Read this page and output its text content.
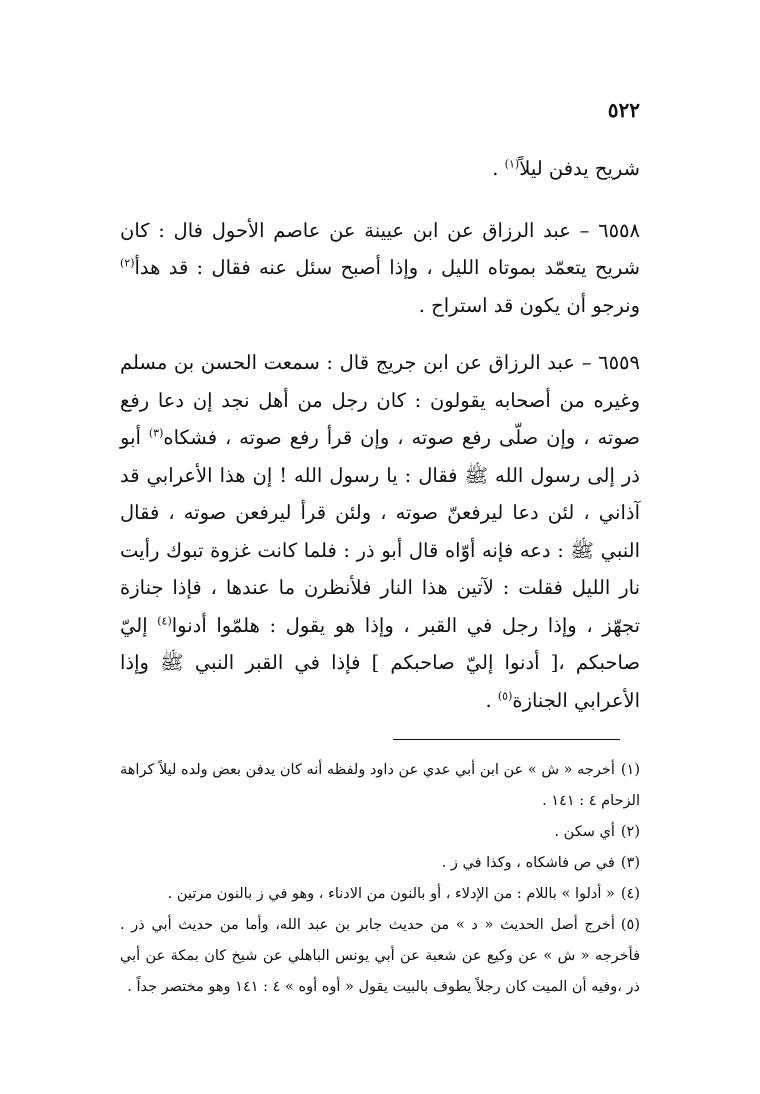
٥٢٢

شريح يدفن ليلاً$^{(١)}$ .

٦٥٥٨ – عبد الرزاق عن ابن عيينة عن عاصم الأحول فال : كان شريح يتعمّد بموتاه الليل ، وإذا أصبح سئل عنه فقال : قد هدأ$^{(٢)}$ ونرجو أن يكون قد استراح .

٦٥٥٩ – عبد الرزاق عن ابن جريج قال : سمعت الحسن بن مسلم وغيره من أصحابه يقولون : كان رجل من أهل نجد إن دعا رفع صوته ، وإن صلّى رفع صوته ، وإن قرأ رفع صوته ، فشكاه$^{(٣)}$ أبو ذر إلى رسول الله ﷺ فقال : يا رسول الله ! إن هذا الأعرابي قد آذاني ، لئن دعا ليرفعنّ صوته ، ولئن قرأ ليرفعن صوته ، فقال النبي ﷺ : دعه فإنه أوّاه قال أبو ذر : فلما كانت غزوة تبوك رأيت نار الليل فقلت : لآتين هذا النار فلأنظرن ما عندها ، فإذا جنازة تجهّز ، وإذا رجل في القبر ، وإذا هو يقول : هلمّوا أدنوا$^{(٤)}$ إليّ صاحبكم ،[ أدنوا إليّ صاحبكم ] فإذا في القبر النبي ﷺ وإذا الأعرابي الجنازة$^{(٥)}$ .

(١)أخرجه « ش » عن ابن أبي عدي عن داود ولفظه أنه كان يدفن بعض ولده ليلاً كراهة الزحام ٤ : ١٤١ .

(٢)أي سكن .

(٣)في ص فاشكاه ، وكذا في ز .

(٤)« أدلوا » باللام : من الإدلاء ، أو بالنون من الادناء ، وهو في ز بالنون مرتين .

(٥)أخرج أصل الحديث « د » من حديث جابر بن عبد الله، وأما من حديث أبي ذر . فأخرجه « ش » عن وكيع عن شعبة عن أبي يونس الباهلي عن شيخ كان بمكة عن أبي ذر ،وفيه أن الميت كان رجلاً يطوف بالبيت يقول « أوه أوه » ٤ : ١٤١ وهو مختصر جداً .
